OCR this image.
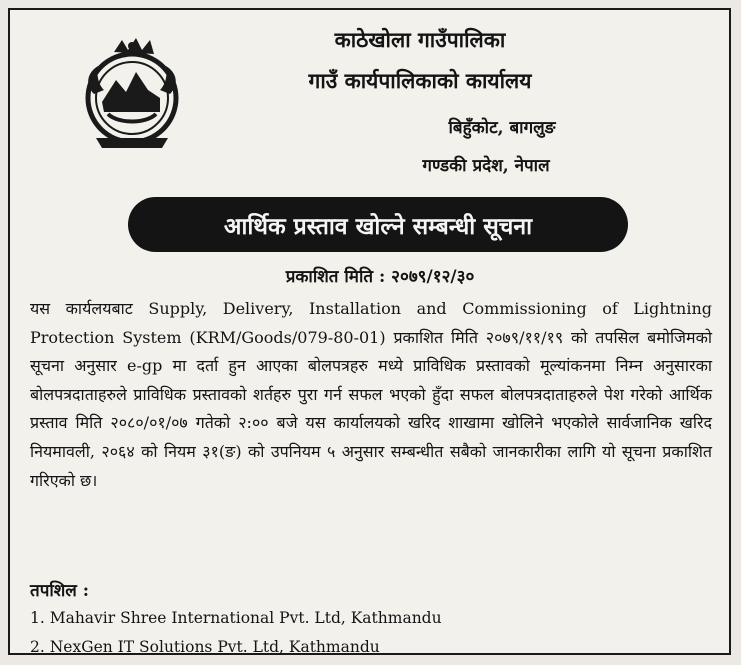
काठेखोला गाउँपालिका
गाउँ कार्यपालिकाको कार्यालय
बिहुँकोट, बागलुङ
गण्डकी प्रदेश, नेपाल
आर्थिक प्रस्ताव खोल्ने सम्बन्धी सूचना
प्रकाशित मिति : २०७९/१२/३०
यस कार्यलयबाट Supply, Delivery, Installation and Commissioning of Lightning Protection System (KRM/Goods/079-80-01) प्रकाशित मिति २०७९/११/१९ को तपसिल बमोजिमको सूचना अनुसार e-gp मा दर्ता हुन आएका बोलपत्रहरु मध्ये प्राविधिक प्रस्तावको मूल्यांकनमा निम्न अनुसारका बोलपत्रदाताहरुले प्राविधिक प्रस्तावको शर्तहरु पुरा गर्न सफल भएको हुँदा सफल बोलपत्रदाताहरुले पेश गरेको आर्थिक प्रस्ताव मिति २०८०/०१/०७ गतेको २:०० बजे यस कार्यालयको खरिद शाखामा खोलिने भएकोले सार्वजानिक खरिद नियमावली, २०६४ को नियम ३१(ङ) को उपनियम ५ अनुसार सम्बन्धीत सबैको जानकारीका लागि यो सूचना प्रकाशित गरिएको छ।
तपशिल :
1. Mahavir Shree International Pvt. Ltd, Kathmandu
2. NexGen IT Solutions Pvt. Ltd, Kathmandu
